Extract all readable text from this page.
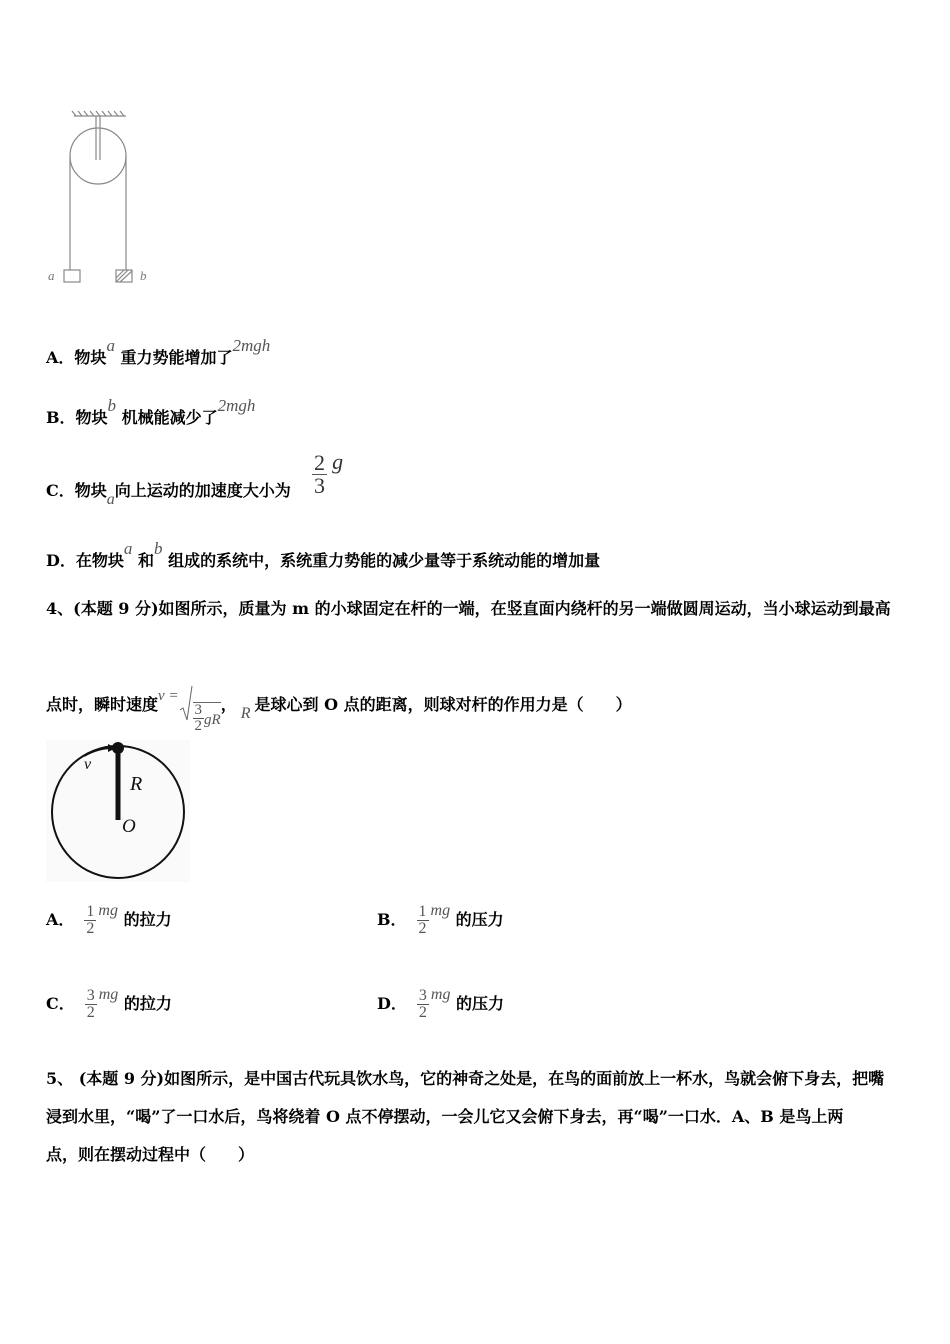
a	b
A．物块a 重力势能增加了2mgh
B．物块b 机械能减少了2mgh
C．物块a向上运动的加速度大小为 $\frac{2}{3}$ g
D．在物块a 和b 组成的系统中，系统重力势能的减少量等于系统动能的增加量
4、(本题 9 分)如图所示，质量为 m 的小球固定在杆的一端，在竖直面内绕杆的另一端做圆周运动，当小球运动到最高
点时，瞬时速度v =
$\frac{3}{2}$ gR， R 是球心到 O 点的距离，则球对杆的作用力是（　　）
v
R
O
A． $\frac{1}{2}$ mg 的拉力	B． $\frac{1}{2}$ mg 的压力
C． $\frac{3}{2}$ mg 的拉力	D． $\frac{3}{2}$ mg 的压力
5、 (本题 9 分)如图所示，是中国古代玩具饮水鸟，它的神奇之处是，在鸟的面前放上一杯水，鸟就会俯下身去，把嘴
浸到水里，“喝”了一口水后，鸟将绕着 O 点不停摆动，一会儿它又会俯下身去，再“喝”一口水．A、B 是鸟上两
点，则在摆动过程中（　　）
